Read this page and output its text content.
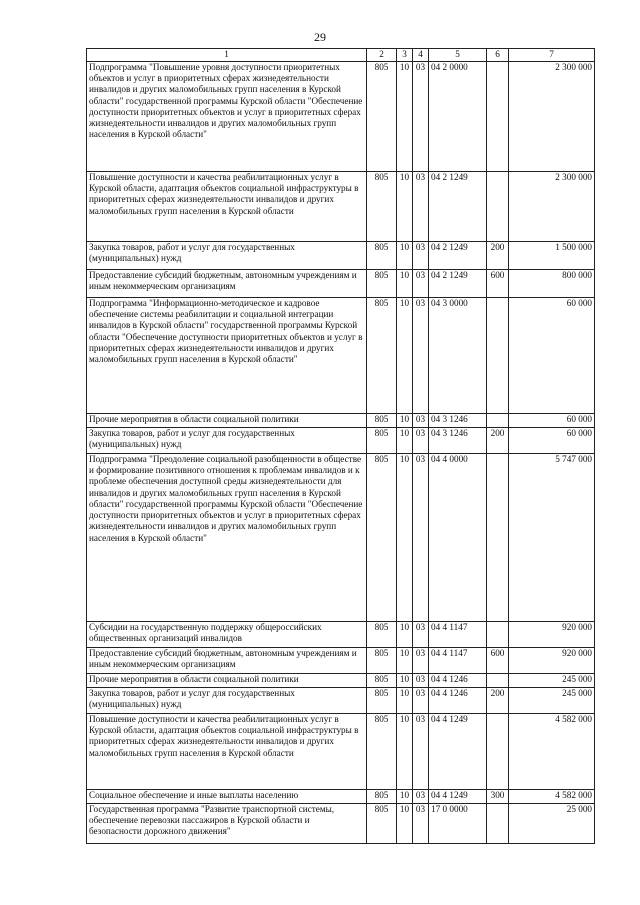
29
1	2	3	4	5	6	7
Подпрограмма "Повышение уровня доступности приоритетных объектов и услуг в приоритетных сферах жизнедеятельности инвалидов и других маломобильных групп населения в Курской области" государственной программы Курской области "Обеспечение доступности приоритетных объектов и услуг в приоритетных сферах жизнедеятельности инвалидов и других маломобильных групп населения в Курской области"	805	10	03	04 2 0000		2 300 000
Повышение доступности и качества реабилитационных услуг в Курской области, адаптация объектов социальной инфраструктуры в приоритетных сферах жизнедеятельности инвалидов и других маломобильных групп населения в Курской области	805	10	03	04 2 1249		2 300 000
Закупка товаров, работ и услуг для государственных (муниципальных) нужд	805	10	03	04 2 1249	200	1 500 000
Предоставление субсидий бюджетным, автономным учреждениям и иным некоммерческим организациям	805	10	03	04 2 1249	600	800 000
Подпрограмма "Информационно-методическое и кадровое обеспечение системы реабилитации и социальной интеграции инвалидов в Курской области" государственной программы Курской области "Обеспечение доступности приоритетных объектов и услуг в приоритетных сферах жизнедеятельности инвалидов и других маломобильных групп населения в Курской области"	805	10	03	04 3 0000		60 000
Прочие мероприятия в области социальной политики	805	10	03	04 3 1246		60 000
Закупка товаров, работ и услуг для государственных (муниципальных) нужд	805	10	03	04 3 1246	200	60 000
Подпрограмма "Преодоление социальной разобщенности в обществе и формирование позитивного отношения к проблемам инвалидов и к проблеме обеспечения доступной среды жизнедеятельности для инвалидов и других маломобильных групп населения в Курской области" государственной программы Курской области "Обеспечение доступности приоритетных объектов и услуг в приоритетных сферах жизнедеятельности инвалидов и других маломобильных групп населения в Курской области"	805	10	03	04 4 0000		5 747 000
Субсидии на государственную поддержку общероссийских общественных организаций инвалидов	805	10	03	04 4 1147		920 000
Предоставление субсидий бюджетным, автономным учреждениям и иным некоммерческим организациям	805	10	03	04 4 1147	600	920 000
Прочие мероприятия в области социальной политики	805	10	03	04 4 1246		245 000
Закупка товаров, работ и услуг для государственных (муниципальных) нужд	805	10	03	04 4 1246	200	245 000
Повышение доступности и качества реабилитационных услуг в Курской области, адаптация объектов социальной инфраструктуры в приоритетных сферах жизнедеятельности инвалидов и других маломобильных групп населения в Курской области	805	10	03	04 4 1249		4 582 000
Социальное обеспечение и иные выплаты населению	805	10	03	04 4 1249	300	4 582 000
Государственная программа "Развитие транспортной системы, обеспечение перевозки пассажиров в Курской области и безопасности дорожного движения"	805	10	03	17 0 0000		25 000
